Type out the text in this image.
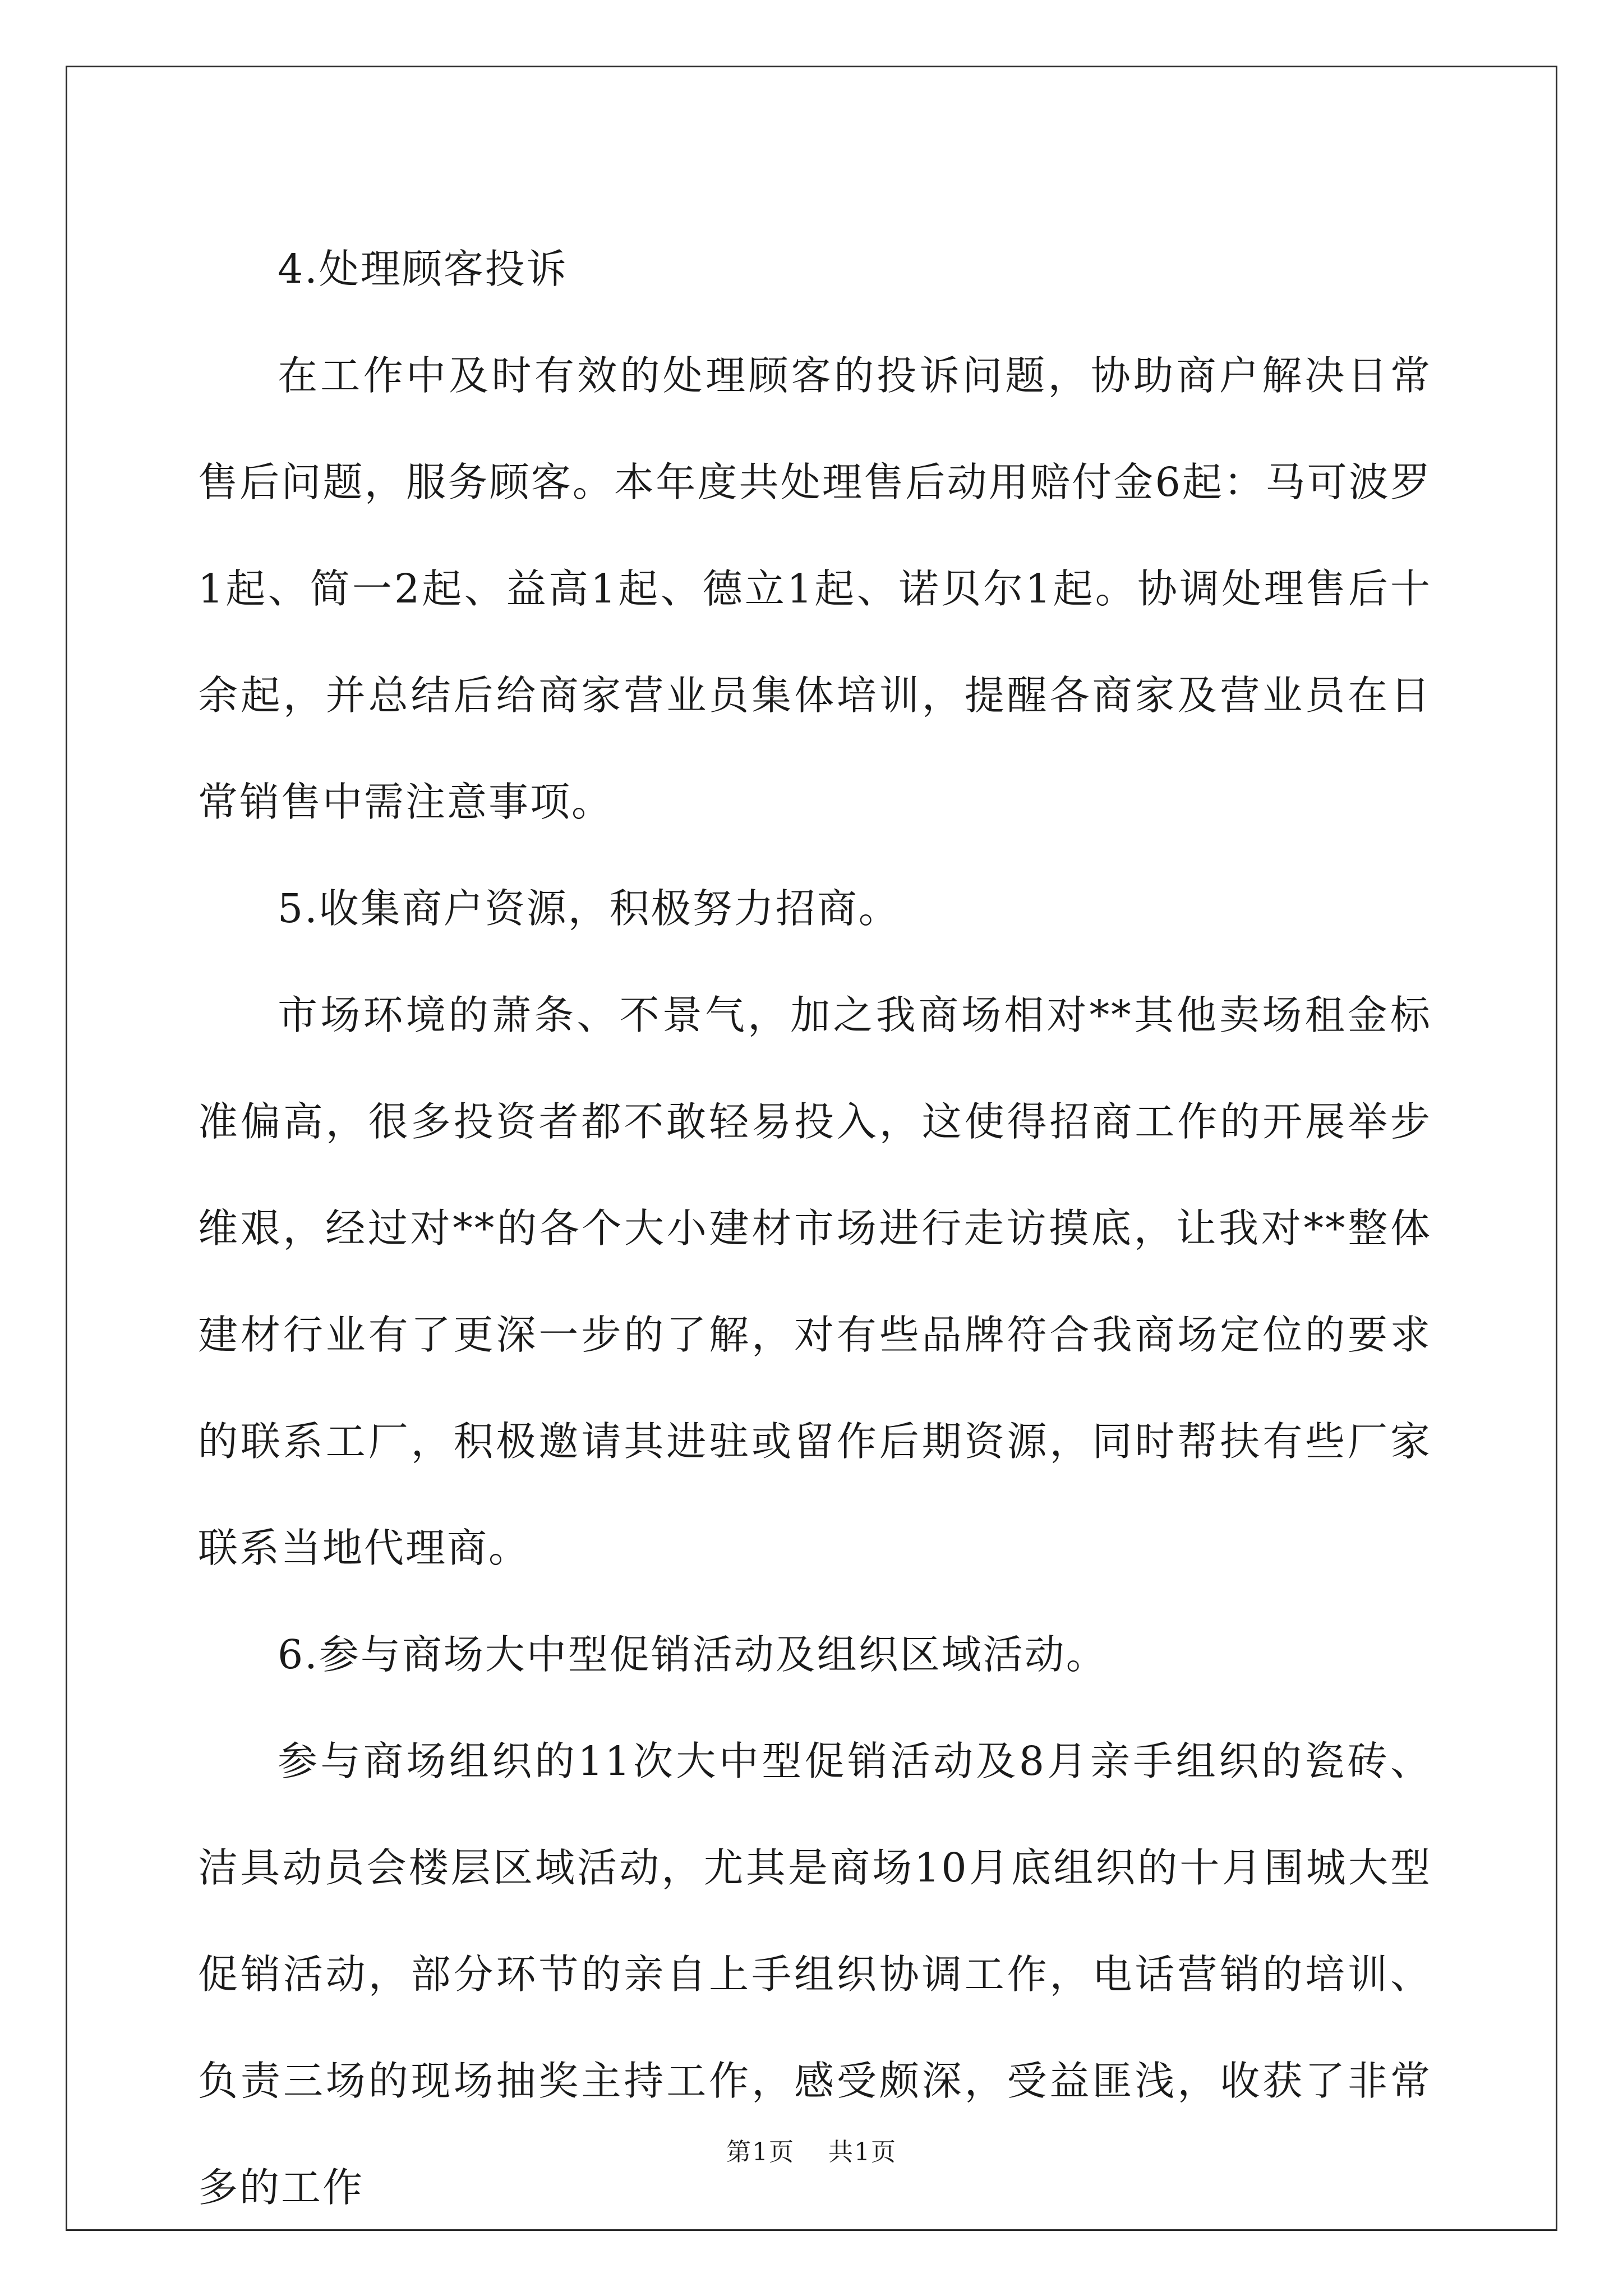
4.处理顾客投诉

在工作中及时有效的处理顾客的投诉问题，协助商户解决日常售后问题，服务顾客。本年度共处理售后动用赔付金6起：马可波罗1起、简一2起、益高1起、德立1起、诺贝尔1起。协调处理售后十余起，并总结后给商家营业员集体培训，提醒各商家及营业员在日常销售中需注意事项。

5.收集商户资源，积极努力招商。

市场环境的萧条、不景气，加之我商场相对**其他卖场租金标准偏高，很多投资者都不敢轻易投入，这使得招商工作的开展举步维艰，经过对**的各个大小建材市场进行走访摸底，让我对**整体建材行业有了更深一步的了解，对有些品牌符合我商场定位的要求的联系工厂，积极邀请其进驻或留作后期资源，同时帮扶有些厂家联系当地代理商。

6.参与商场大中型促销活动及组织区域活动。

参与商场组织的11次大中型促销活动及8月亲手组织的瓷砖、洁具动员会楼层区域活动，尤其是商场10月底组织的十月围城大型促销活动，部分环节的亲自上手组织协调工作，电话营销的培训、负责三场的现场抽奖主持工作，感受颇深，受益匪浅，收获了非常多的工作

第1页 共1页
